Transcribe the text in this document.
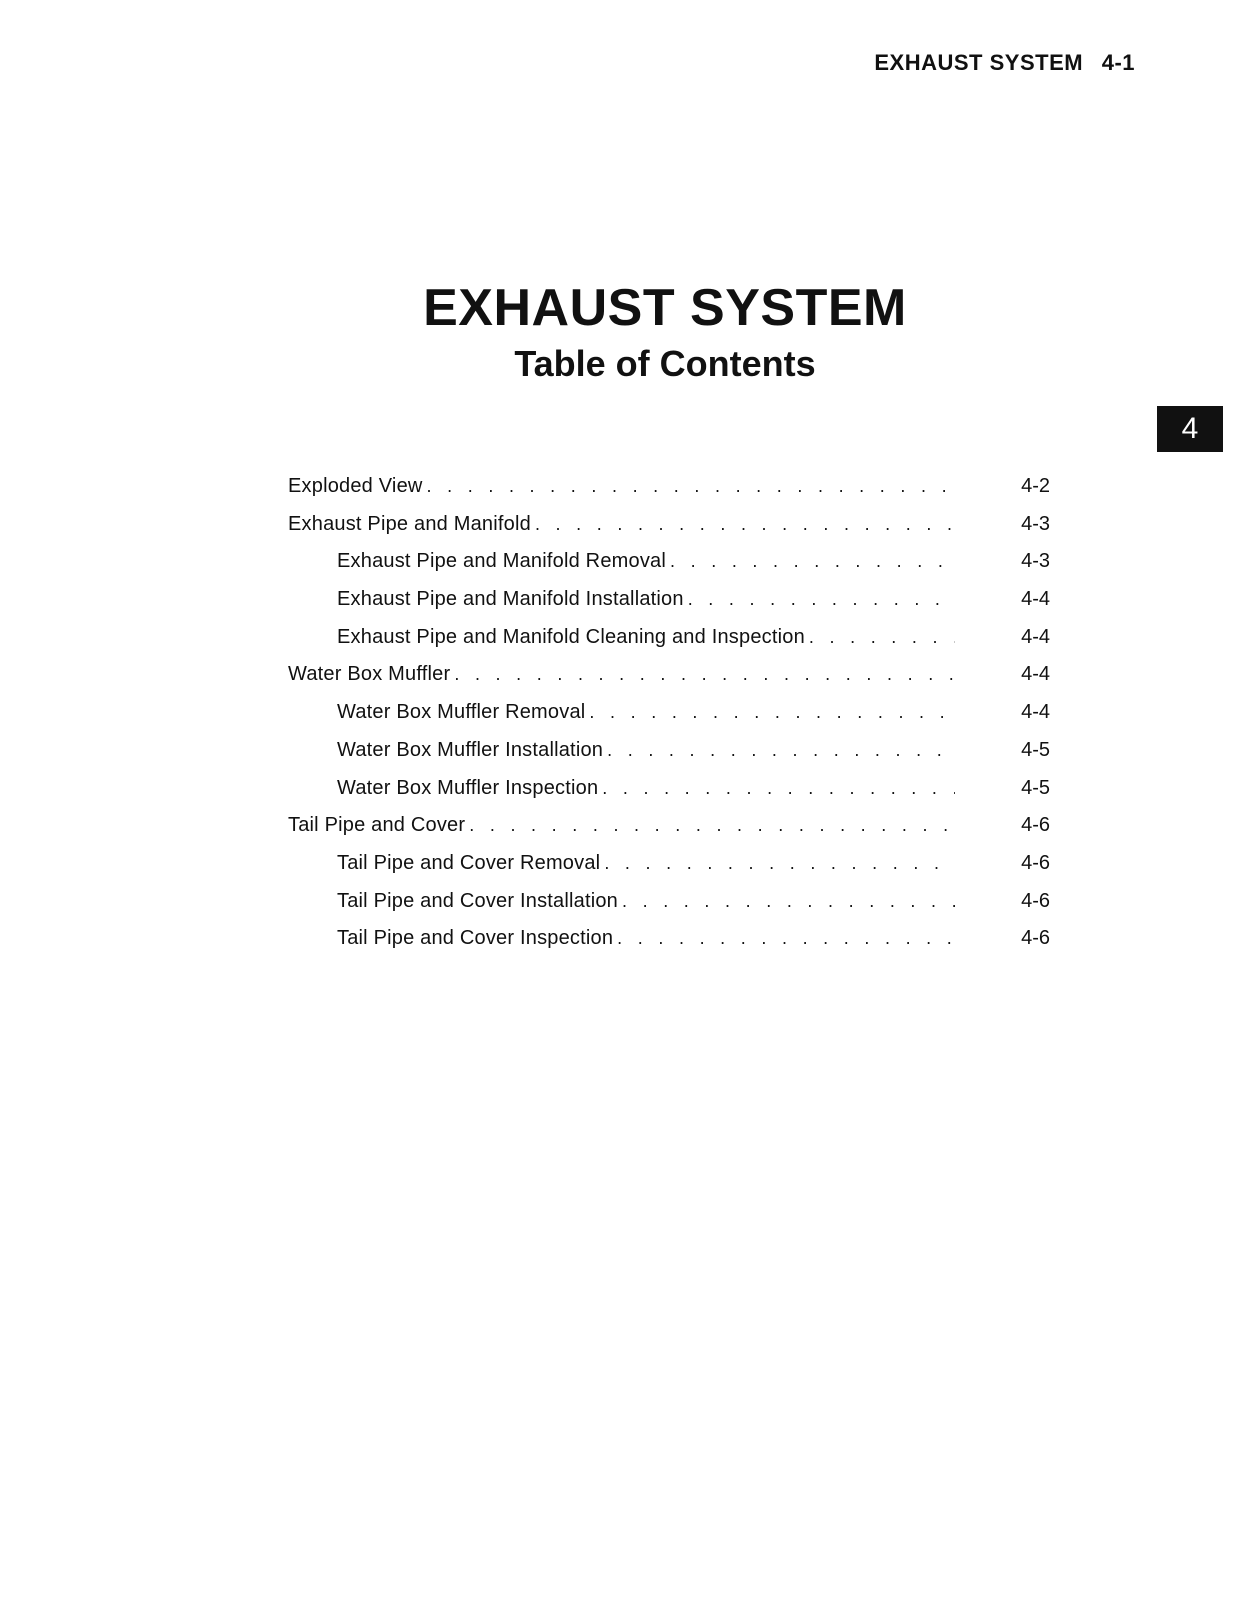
EXHAUST SYSTEM 4-1
EXHAUST SYSTEM
Table of Contents
4
Exploded View . . .	4-2
Exhaust Pipe and Manifold . . .	4-3
Exhaust Pipe and Manifold Removal . . .	4-3
Exhaust Pipe and Manifold Installation . . .	4-4
Exhaust Pipe and Manifold Cleaning and Inspection . . .	4-4
Water Box Muffler . . .	4-4
Water Box Muffler Removal . . .	4-4
Water Box Muffler Installation . . .	4-5
Water Box Muffler Inspection . . .	4-5
Tail Pipe and Cover . . .	4-6
Tail Pipe and Cover Removal . . .	4-6
Tail Pipe and Cover Installation . . .	4-6
Tail Pipe and Cover Inspection . . .	4-6
